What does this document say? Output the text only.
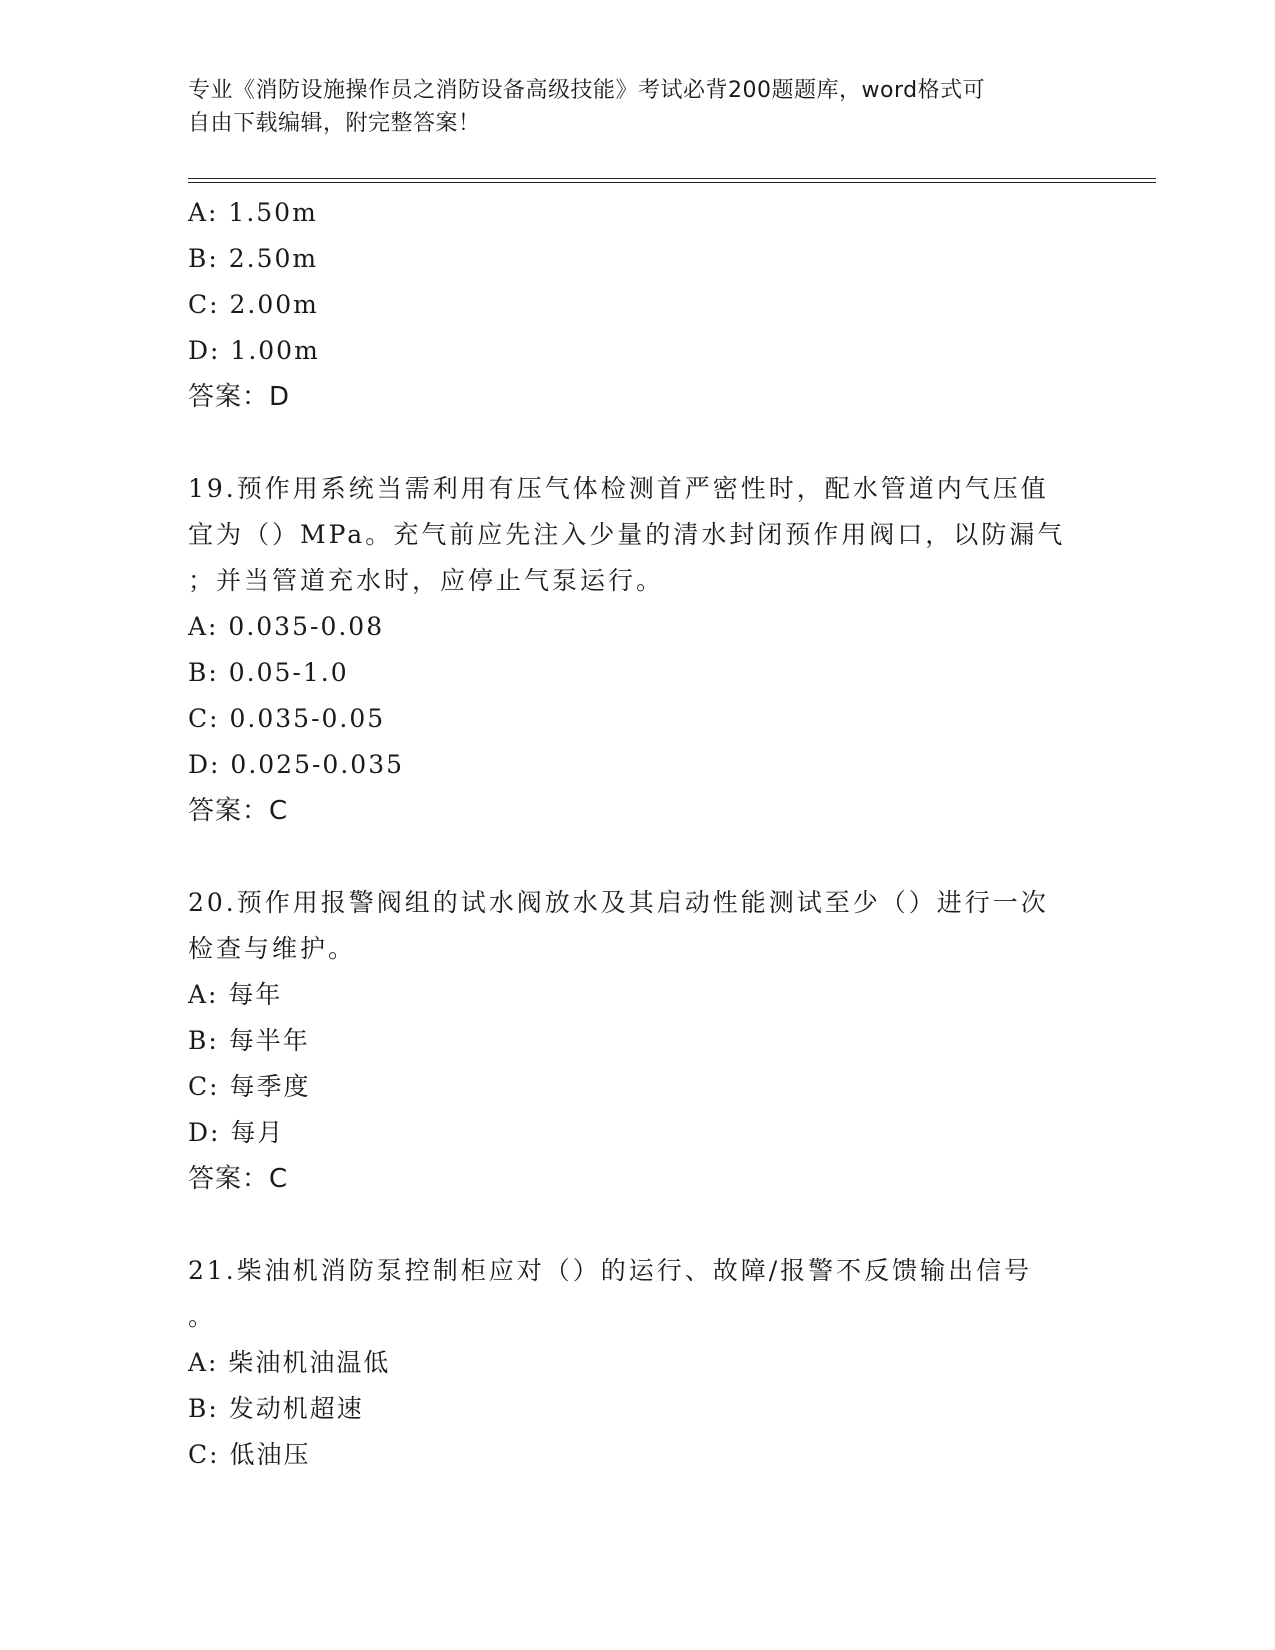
专业《消防设施操作员之消防设备高级技能》考试必背200题题库，word格式可
自由下载编辑，附完整答案！
A: 1.50m
B: 2.50m
C: 2.00m
D: 1.00m
答案：D
19.预作用系统当需利用有压气体检测首严密性时，配水管道内气压值
宜为（）MPa。充气前应先注入少量的清水封闭预作用阀口，以防漏气
；并当管道充水时，应停止气泵运行。
A: 0.035-0.08
B: 0.05-1.0
C: 0.035-0.05
D: 0.025-0.035
答案：C
20.预作用报警阀组的试水阀放水及其启动性能测试至少（）进行一次
检查与维护。
A: 每年
B: 每半年
C: 每季度
D: 每月
答案：C
21.柴油机消防泵控制柜应对（）的运行、故障/报警不反馈输出信号
。
A: 柴油机油温低
B: 发动机超速
C: 低油压
